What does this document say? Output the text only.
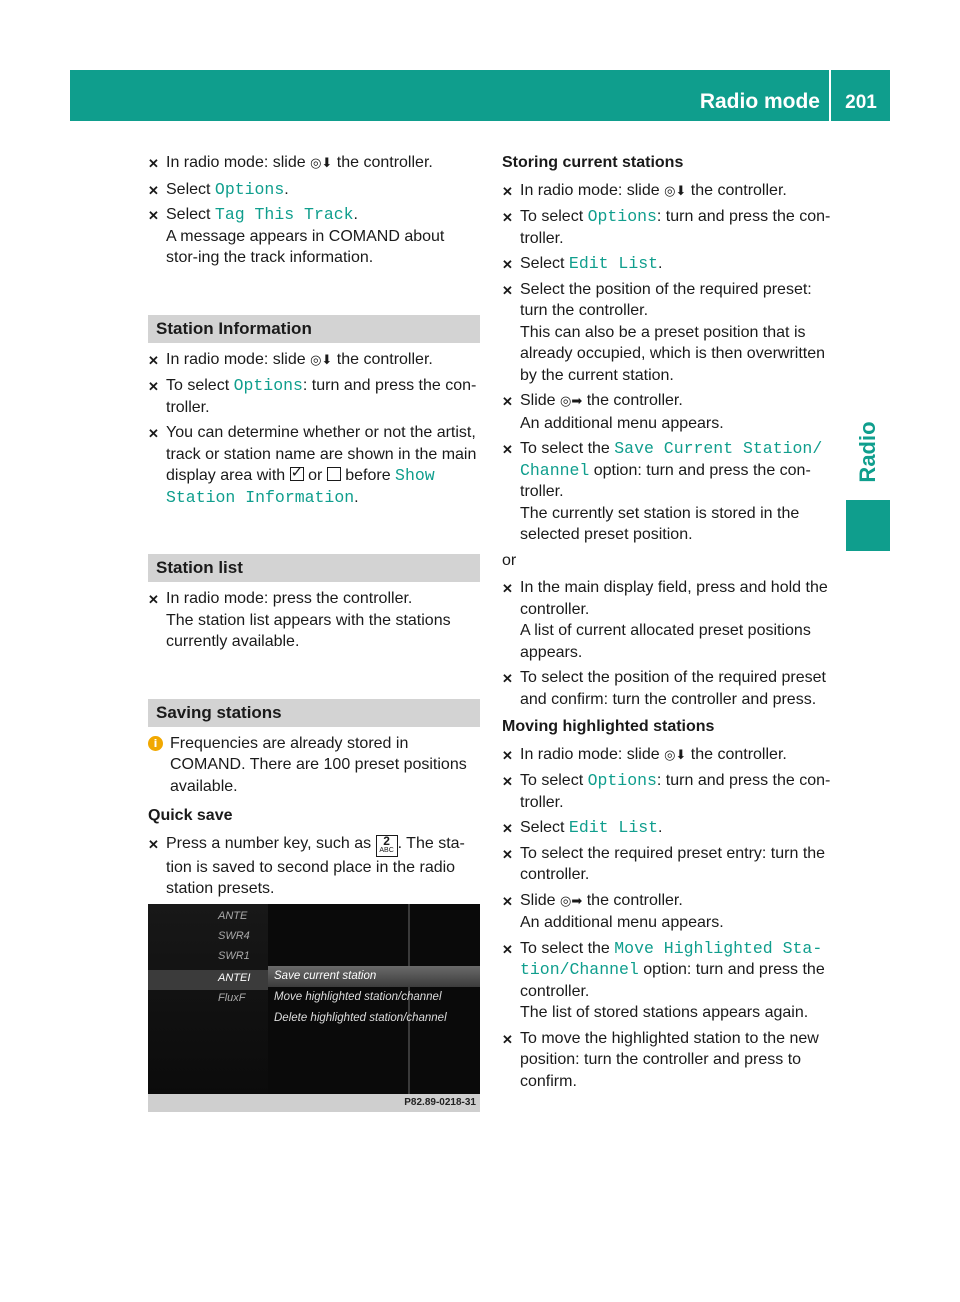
Radio mode	201
Radio
✕ In radio mode: slide ◎⬇ the controller.
✕ Select Options.
✕ Select Tag This Track.
A message appears in COMAND about stor-ing the track information.
Station Information
✕ In radio mode: slide ◎⬇ the controller.
✕ To select Options: turn and press the con-troller.
✕ You can determine whether or not the artist, track or station name are shown in the main display area with ✓ or before Show Station Information.
Station list
✕ In radio mode: press the controller.
The station list appears with the stations currently available.
Saving stations
i Frequencies are already stored in COMAND. There are 100 preset positions available.
Quick save
✕ Press a number key, such as 2
ABC . The sta-tion is saved to second place in the radio station presets.
ANTE
SWR4
SWR1
ANTEI
FluxF
Save current station
Move highlighted station/channel
Delete highlighted station/channel
P82.89-0218-31
Storing current stations
✕ In radio mode: slide ◎⬇ the controller.
✕ To select Options: turn and press the con-troller.
✕ Select Edit List.
✕ Select the position of the required preset: turn the controller.
This can also be a preset position that is already occupied, which is then overwritten by the current station.
✕ Slide ◎➡ the controller.
An additional menu appears.
✕ To select the Save Current Station/ Channel option: turn and press the con-troller.
The currently set station is stored in the selected preset position.
or
✕ In the main display field, press and hold the controller.
A list of current allocated preset positions appears.
✕ To select the position of the required preset and confirm: turn the controller and press.
Moving highlighted stations
✕ In radio mode: slide ◎⬇ the controller.
✕ To select Options: turn and press the con-troller.
✕ Select Edit List.
✕ To select the required preset entry: turn the controller.
✕ Slide ◎➡ the controller.
An additional menu appears.
✕ To select the Move Highlighted Sta-tion/Channel option: turn and press the controller.
The list of stored stations appears again.
✕ To move the highlighted station to the new position: turn the controller and press to confirm.
